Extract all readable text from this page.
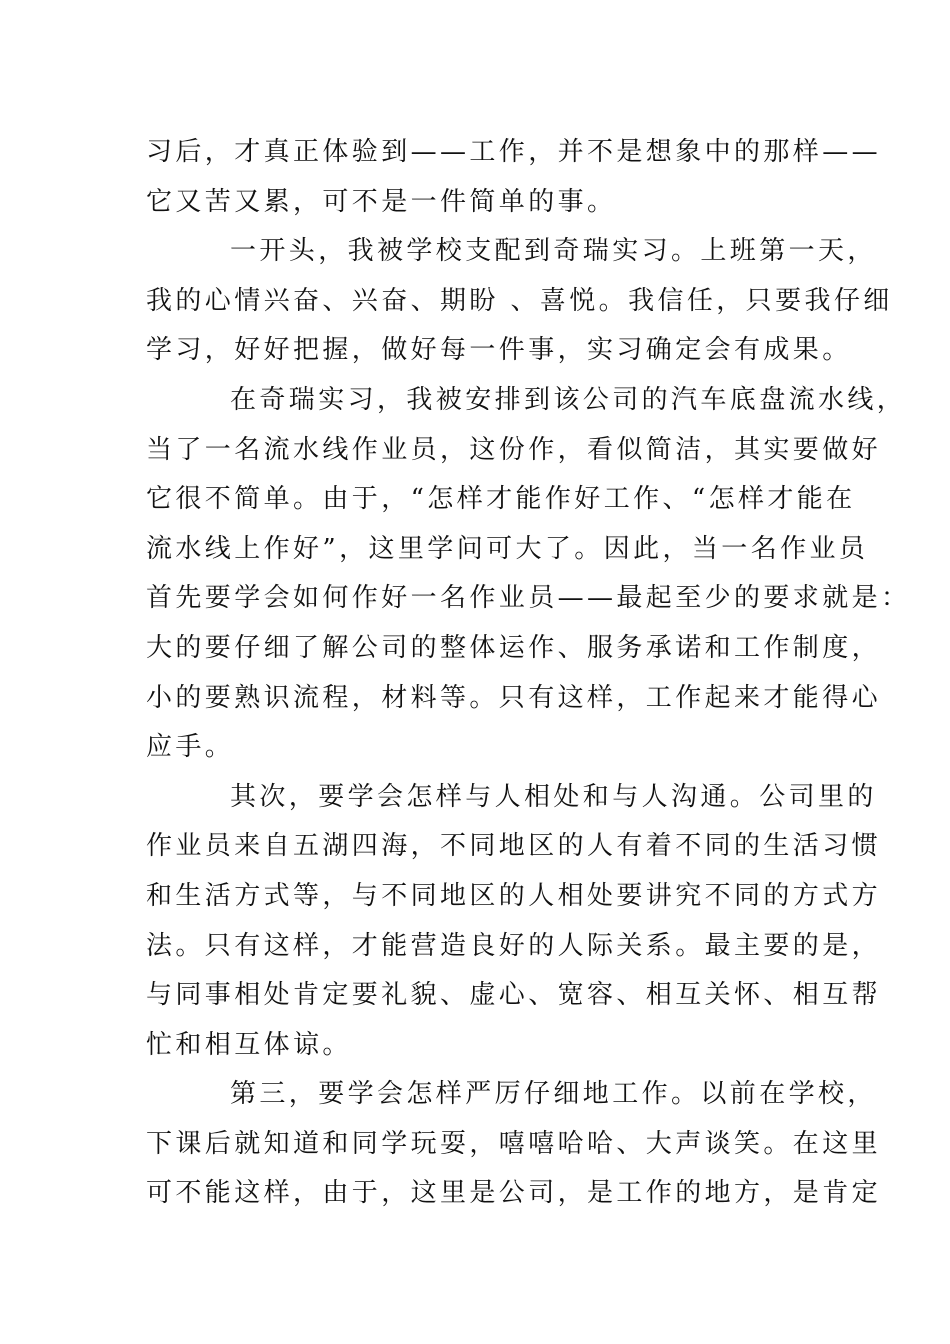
习后，才真正体验到——工作，并不是想象中的那样——
它又苦又累，可不是一件简单的事。

一开头，我被学校支配到奇瑞实习。上班第一天，
我的心情兴奋、兴奋、期盼 、喜悦。我信任，只要我仔细
学习，好好把握，做好每一件事，实习确定会有成果。

在奇瑞实习，我被安排到该公司的汽车底盘流水线，
当了一名流水线作业员，这份作，看似简洁，其实要做好
它很不简单。由于，“怎样才能作好工作、“怎样才能在
流水线上作好”，这里学问可大了。因此，当一名作业员
首先要学会如何作好一名作业员——最起至少的要求就是：
大的要仔细了解公司的整体运作、服务承诺和工作制度，
小的要熟识流程，材料等。只有这样，工作起来才能得心
应手。

其次，要学会怎样与人相处和与人沟通。公司里的
作业员来自五湖四海，不同地区的人有着不同的生活习惯
和生活方式等，与不同地区的人相处要讲究不同的方式方
法。只有这样，才能营造良好的人际关系。最主要的是，
与同事相处肯定要礼貌、虚心、宽容、相互关怀、相互帮
忙和相互体谅。

第三，要学会怎样严厉仔细地工作。以前在学校，
下课后就知道和同学玩耍，嘻嘻哈哈、大声谈笑。在这里
可不能这样，由于，这里是公司，是工作的地方，是肯定
